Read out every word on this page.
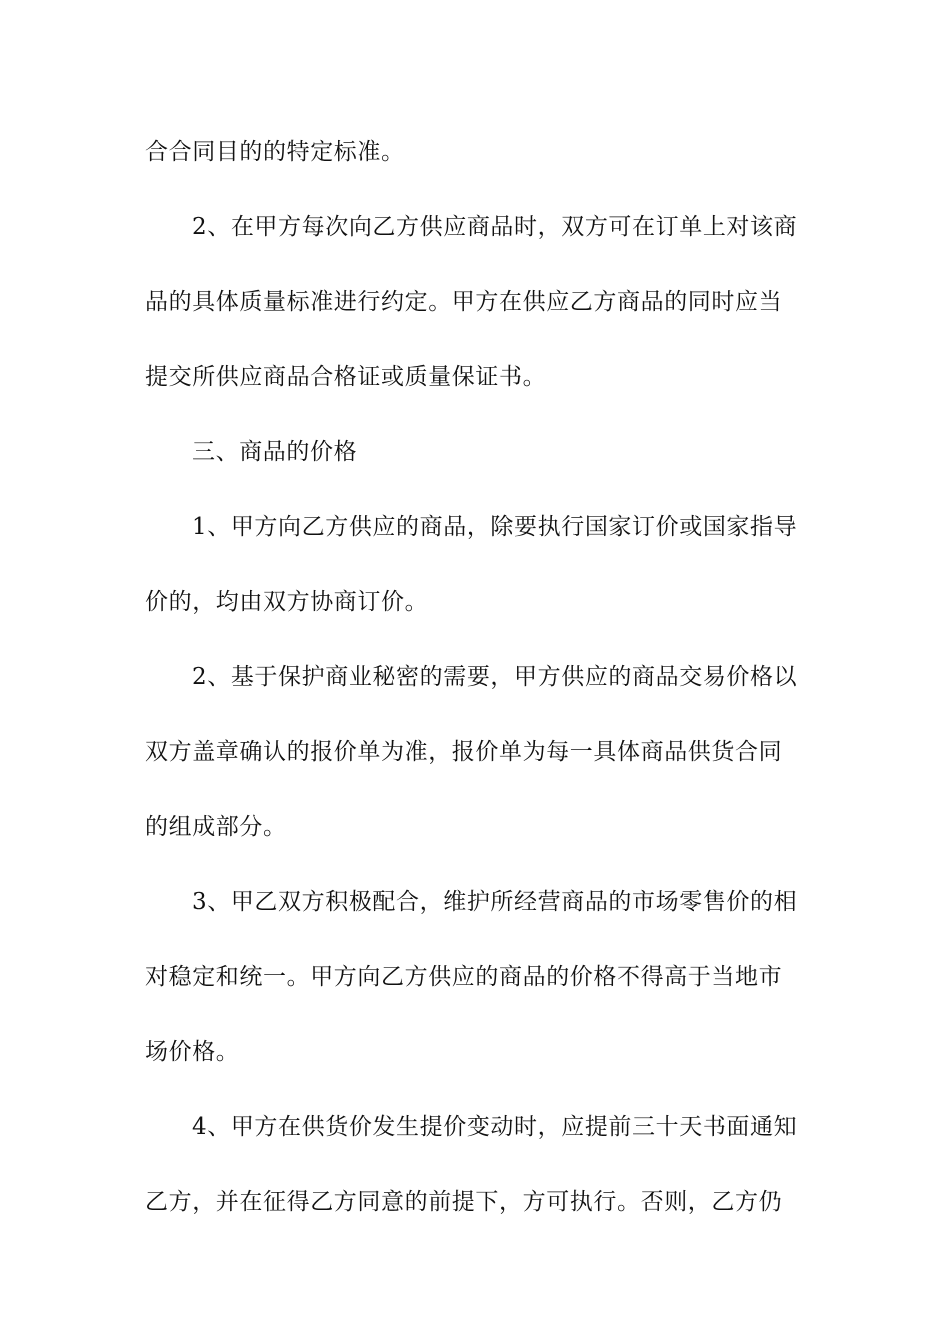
合合同目的的特定标准。
2、在甲方每次向乙方供应商品时，双方可在订单上对该商
品的具体质量标准进行约定。甲方在供应乙方商品的同时应当
提交所供应商品合格证或质量保证书。
三、商品的价格
1、甲方向乙方供应的商品，除要执行国家订价或国家指导
价的，均由双方协商订价。
2、基于保护商业秘密的需要，甲方供应的商品交易价格以
双方盖章确认的报价单为准，报价单为每一具体商品供货合同
的组成部分。
3、甲乙双方积极配合，维护所经营商品的市场零售价的相
对稳定和统一。甲方向乙方供应的商品的价格不得高于当地市
场价格。
4、甲方在供货价发生提价变动时，应提前三十天书面通知
乙方，并在征得乙方同意的前提下，方可执行。否则，乙方仍
